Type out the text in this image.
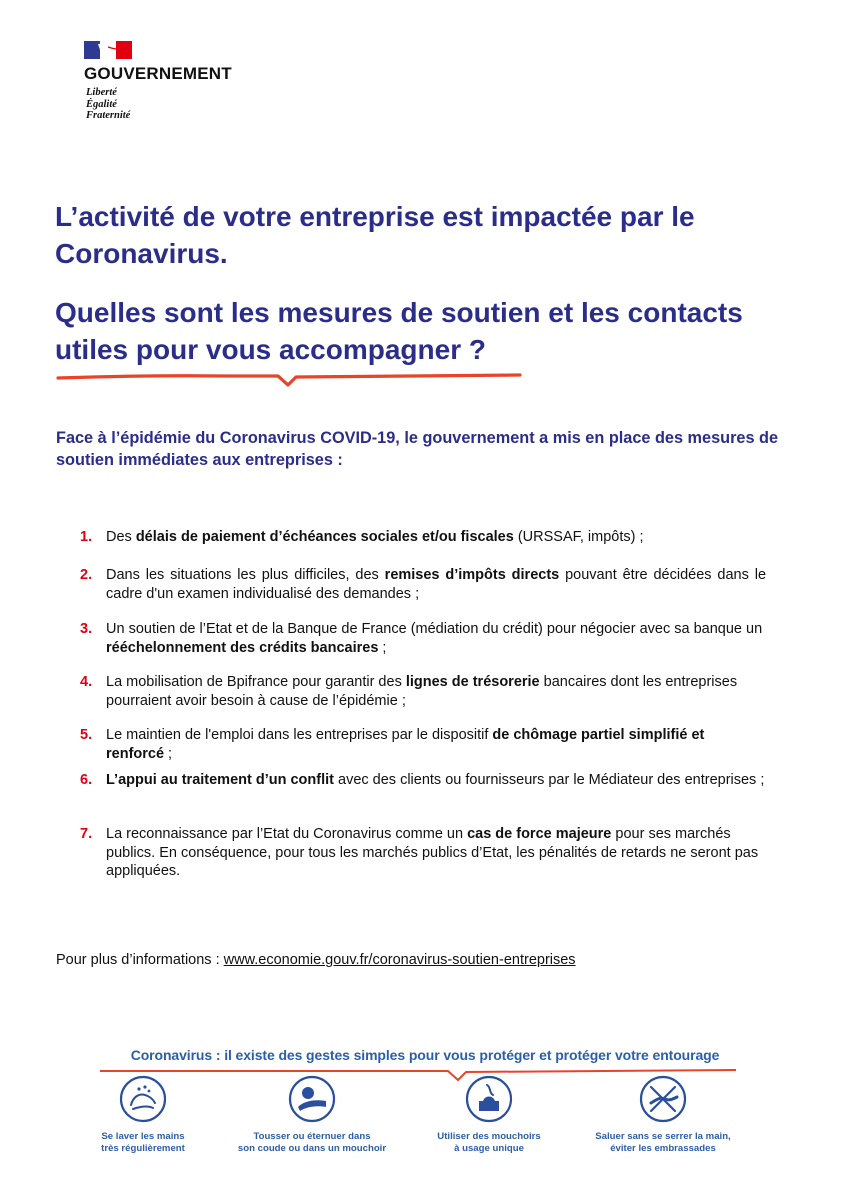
GOUVERNEMENT
Liberté
Égalité
Fraternité
L’activité de votre entreprise est impactée par le Coronavirus.
Quelles sont les mesures de soutien et les contacts utiles pour vous accompagner ?
Face à l’épidémie du Coronavirus COVID-19, le gouvernement a mis en place des mesures de soutien immédiates aux entreprises :
1. Des délais de paiement d’échéances sociales et/ou fiscales (URSSAF, impôts) ;
2. Dans les situations les plus difficiles, des remises d’impôts directs pouvant être décidées dans le cadre d'un examen individualisé des demandes ;
3. Un soutien de l’Etat et de la Banque de France (médiation du crédit) pour négocier avec sa banque un rééchelonnement des crédits bancaires ;
4. La mobilisation de Bpifrance pour garantir des lignes de trésorerie bancaires dont les entreprises pourraient avoir besoin à cause de l’épidémie ;
5. Le maintien de l'emploi dans les entreprises par le dispositif de chômage partiel simplifié et renforcé ;
6. L’appui au traitement d’un conflit avec des clients ou fournisseurs par le Médiateur des entreprises ;
7. La reconnaissance par l’Etat du Coronavirus comme un cas de force majeure pour ses marchés publics. En conséquence, pour tous les marchés publics d’Etat, les pénalités de retards ne seront pas appliquées.
Pour plus d’informations : www.economie.gouv.fr/coronavirus-soutien-entreprises
Coronavirus : il existe des gestes simples pour vous protéger et protéger votre entourage
Se laver les mains
très régulièrement
Tousser ou éternuer dans
son coude ou dans un mouchoir
Utiliser des mouchoirs
à usage unique
Saluer sans se serrer la main,
éviter les embrassades
